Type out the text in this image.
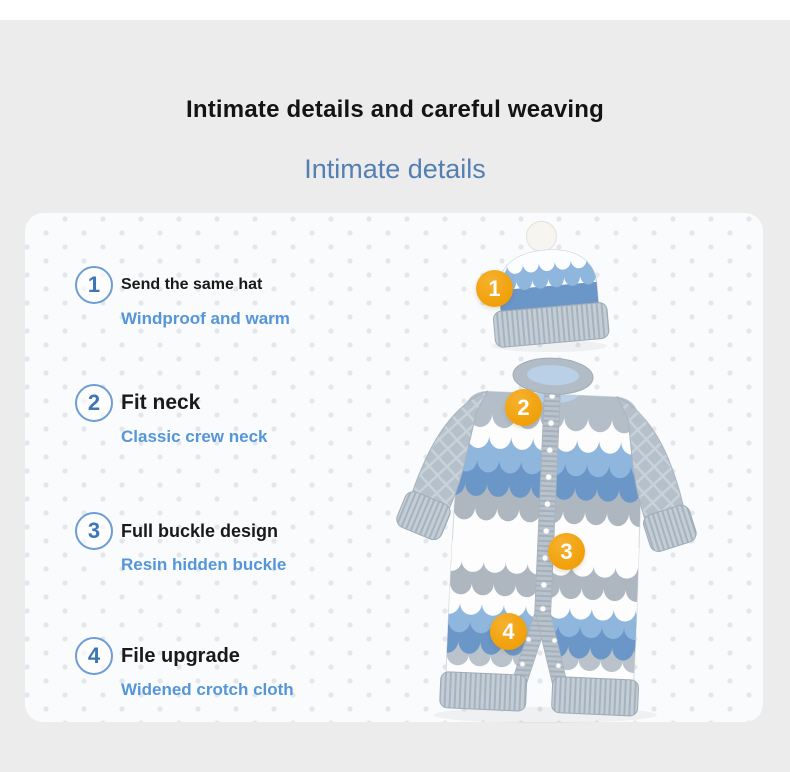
Intimate details and careful weaving
Intimate details
1	Send the same hat
Windproof and warm
2 Fit neck
Classic crew neck
3	Full buckle design
Resin hidden buckle
4	File upgrade
Widened crotch cloth
1
2
3
4
